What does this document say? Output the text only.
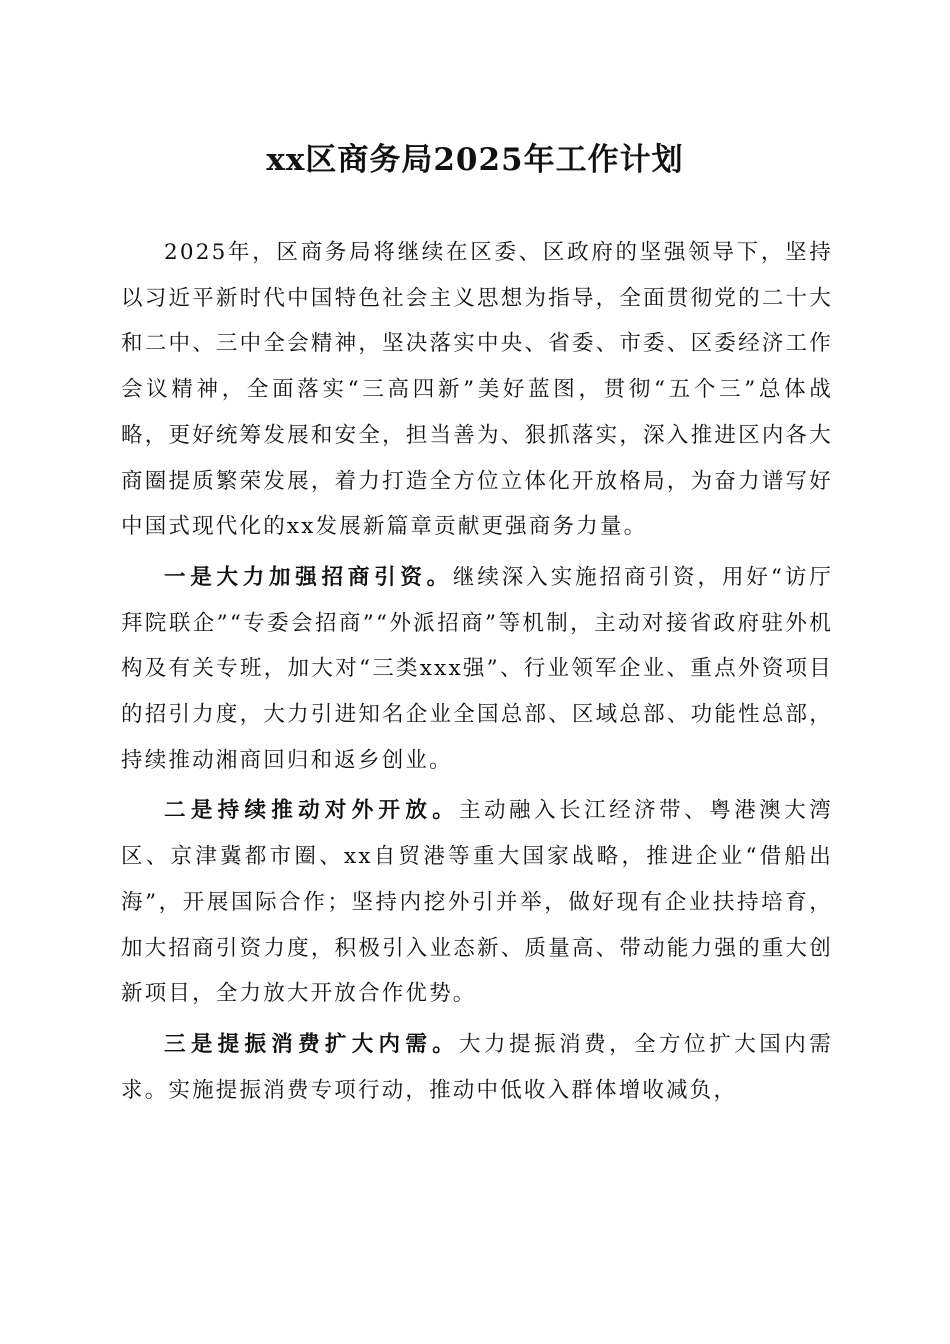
xx区商务局2025年工作计划

2025年，区商务局将继续在区委、区政府的坚强领导下，坚持以习近平新时代中国特色社会主义思想为指导，全面贯彻党的二十大和二中、三中全会精神，坚决落实中央、省委、市委、区委经济工作会议精神，全面落实“三高四新”美好蓝图，贯彻“五个三”总体战略，更好统筹发展和安全，担当善为、狠抓落实，深入推进区内各大商圈提质繁荣发展，着力打造全方位立体化开放格局，为奋力谱写好中国式现代化的xx发展新篇章贡献更强商务力量。

一是大力加强招商引资。继续深入实施招商引资，用好“访厅拜院联企”“专委会招商”“外派招商”等机制，主动对接省政府驻外机构及有关专班，加大对“三类xxx强”、行业领军企业、重点外资项目的招引力度，大力引进知名企业全国总部、区域总部、功能性总部，持续推动湘商回归和返乡创业。

二是持续推动对外开放。主动融入长江经济带、粤港澳大湾区、京津冀都市圈、xx自贸港等重大国家战略，推进企业“借船出海”，开展国际合作；坚持内挖外引并举，做好现有企业扶持培育，加大招商引资力度，积极引入业态新、质量高、带动能力强的重大创新项目，全力放大开放合作优势。

三是提振消费扩大内需。大力提振消费，全方位扩大国内需求。实施提振消费专项行动，推动中低收入群体增收减负，
